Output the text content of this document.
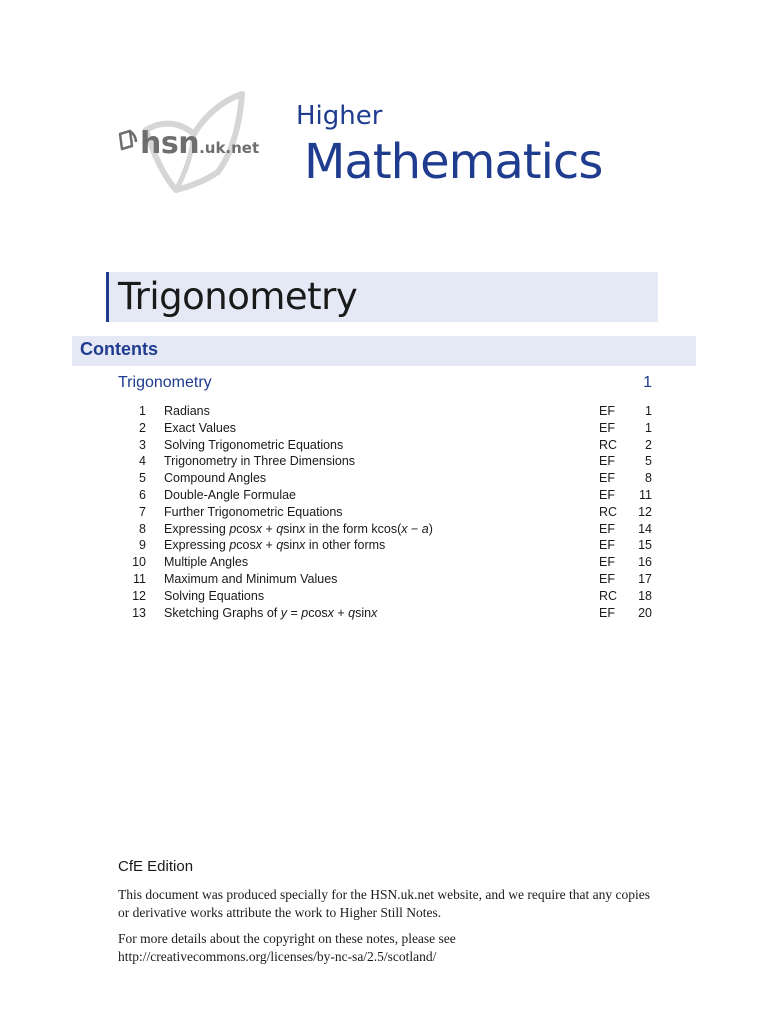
hsn.uk.net
Higher
Mathematics
Trigonometry
Contents
Trigonometry	1
1 Radians	EF 1
2 Exact Values	EF 1
3 Solving Trigonometric Equations	RC 2
4 Trigonometry in Three Dimensions	EF 5
5 Compound Angles	EF 8
6 Double-Angle Formulae	EF 11
7 Further Trigonometric Equations	RC 12
8 Expressing pcosx + qsinx in the form kcos(x − a)	EF 14
9 Expressing pcosx + qsinx in other forms	EF 15
10 Multiple Angles	EF 16
11 Maximum and Minimum Values	EF 17
12 Solving Equations	RC 18
13 Sketching Graphs of y = pcosx + qsinx	EF 20
CfE Edition
This document was produced specially for the HSN.uk.net website, and we require that any copies or derivative works attribute the work to Higher Still Notes.
For more details about the copyright on these notes, please see
http://creativecommons.org/licenses/by-nc-sa/2.5/scotland/
